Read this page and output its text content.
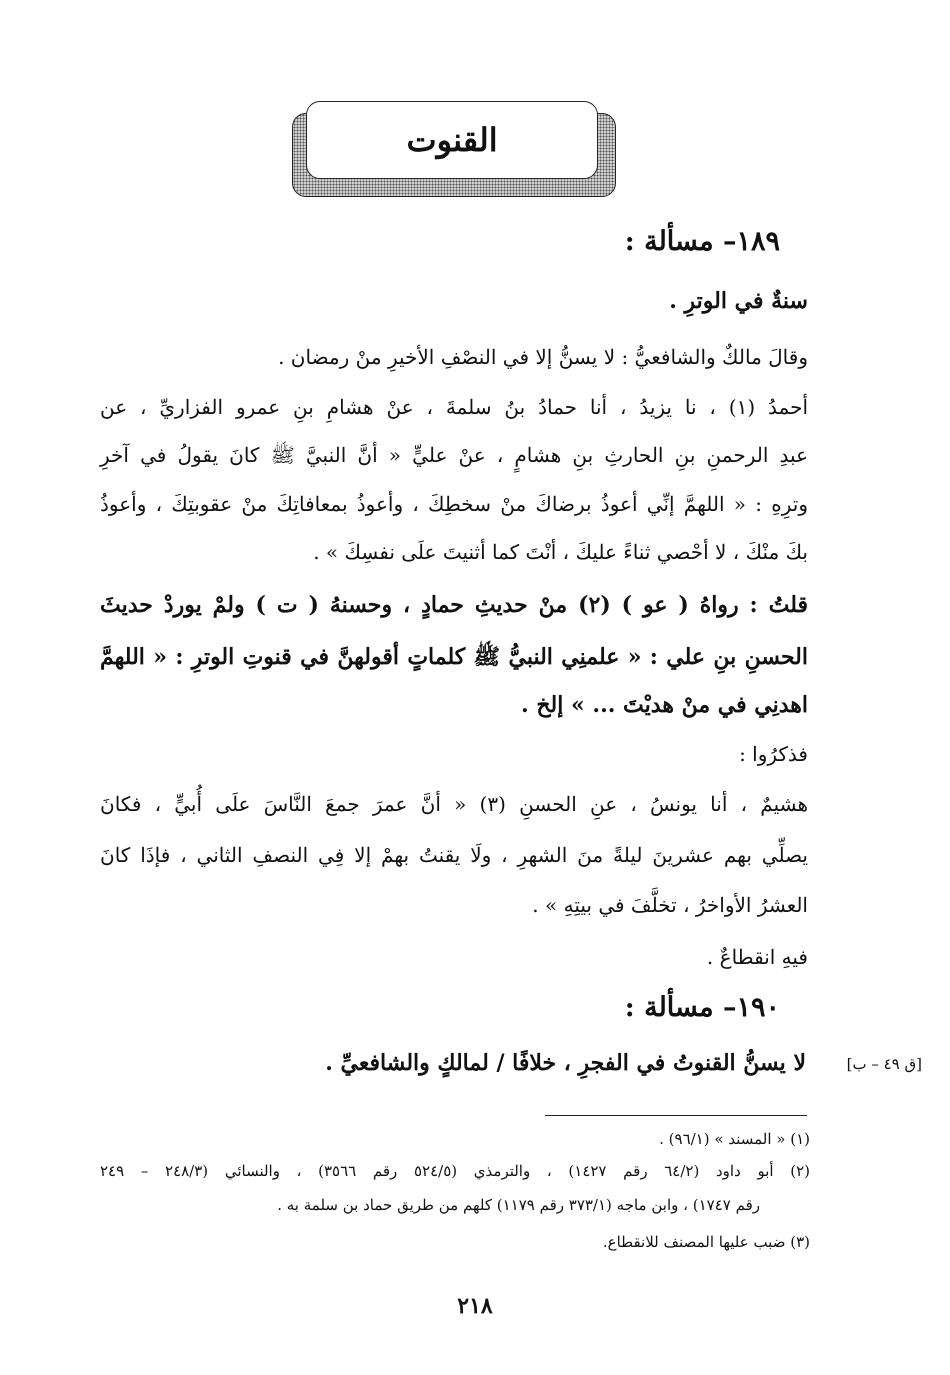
القنوت
١٨٩– مسألة :
سنةٌ في الوترِ .
وقالَ مالكٌ والشافعيُّ : لا يسنُّ إلا في النصْفِ الأخيرِ منْ رمضان .
أحمدُ (١) ، نا يزيدُ ، أنا حمادُ بنُ سلمةَ ، عنْ هشامِ بنِ عمرو الفزاريِّ ، عن
عبدِ الرحمنِ بنِ الحارثِ بنِ هشامٍ ، عنْ عليٍّ « أنَّ النبيَّ ﷺ كانَ يقولُ في آخرِ
وترِهِ : « اللهمَّ إنِّي أعوذُ برضاكَ منْ سخطِكَ ، وأعوذُ بمعافاتِكَ منْ عقوبتِكَ ، وأعوذُ
بكَ منْكَ ، لا أحْصي ثناءً عليكَ ، أنْتَ كما أثنيتَ علَى نفسِكَ » .
قلتُ : رواهُ ( عو ) (٢) منْ حديثِ حمادٍ ، وحسنهُ ( ت ) ولمْ يوردْ حديثَ
الحسنِ بنِ علي : « علمنِي النبيُّ ﷺ كلماتٍ أقولهنَّ في قنوتِ الوترِ : « اللهمَّ
اهدنِي في منْ هديْتَ ... » إلخ .
فذكرُوا :
هشيمٌ ، أنا يونسُ ، عنِ الحسنِ (٣) « أنَّ عمرَ جمعَ النَّاسَ علَى أُبيٍّ ، فكانَ
يصلِّي بهم عشرينَ ليلةً منَ الشهرِ ، ولَا يقنتُ بهمْ إلا فِي النصفِ الثاني ، فإذَا كانَ
العشرُ الأواخرُ ، تخلَّفَ في بيتِهِ » .
فيهِ انقطاعٌ .
١٩٠– مسألة :
لا يسنُّ القنوتُ في الفجرِ ، خلافًا / لمالكٍ والشافعيِّ .	[ق ٤٩ – ب]
(١) « المسند » (٩٦/١) .
(٢) أبو داود (٦٤/٢ رقم ١٤٢٧) ، والترمذي (٥٢٤/٥ رقم ٣٥٦٦) ، والنسائي (٢٤٨/٣ – ٢٤٩
رقم ١٧٤٧) ، وابن ماجه (٣٧٣/١ رقم ١١٧٩) كلهم من طريق حماد بن سلمة به .
(٣) ضبب عليها المصنف للانقطاع.
٢١٨
